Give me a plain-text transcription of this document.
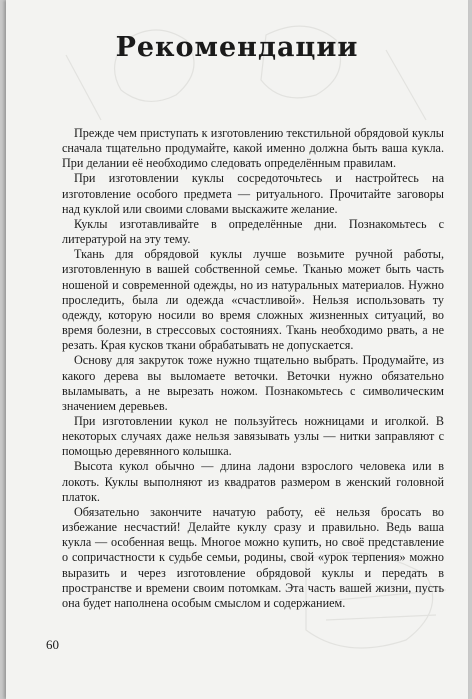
Рекомендации

Прежде чем приступать к изготовлению текстильной обрядовой куклы сначала тщательно продумайте, какой именно должна быть ваша кукла. При делании её необходимо следовать определённым правилам.

При изготовлении куклы сосредоточьтесь и настройтесь на изготовление особого предмета — ритуального. Прочитайте заговоры над куклой или своими словами выскажите желание.

Куклы изготавливайте в определённые дни. Познакомьтесь с литературой на эту тему.

Ткань для обрядовой куклы лучше возьмите ручной работы, изготовленную в вашей собственной семье. Тканью может быть часть ношеной и современной одежды, но из натуральных материалов. Нужно проследить, была ли одежда «счастливой». Нельзя использовать ту одежду, которую носили во время сложных жизненных ситуаций, во время болезни, в стрессовых состояниях. Ткань необходимо рвать, а не резать. Края кусков ткани обрабатывать не допускается.

Основу для закруток тоже нужно тщательно выбрать. Продумайте, из какого дерева вы выломаете веточки. Веточки нужно обязательно выламывать, а не вырезать ножом. Познакомьтесь с символическим значением деревьев.

При изготовлении кукол не пользуйтесь ножницами и иголкой. В некоторых случаях даже нельзя завязывать узлы — нитки заправляют с помощью деревянного колышка.

Высота кукол обычно — длина ладони взрослого человека или в локоть. Куклы выполняют из квадратов размером в женский головной платок.

Обязательно закончите начатую работу, её нельзя бросать во избежание несчастий! Делайте куклу сразу и правильно. Ведь ваша кукла — особенная вещь. Многое можно купить, но своё представление о сопричастности к судьбе семьи, родины, свой «урок терпения» можно выразить и через изготовление обрядовой куклы и передать в пространстве и времени своим потомкам. Эта часть вашей жизни, пусть она будет наполнена особым смыслом и содержанием.

60
